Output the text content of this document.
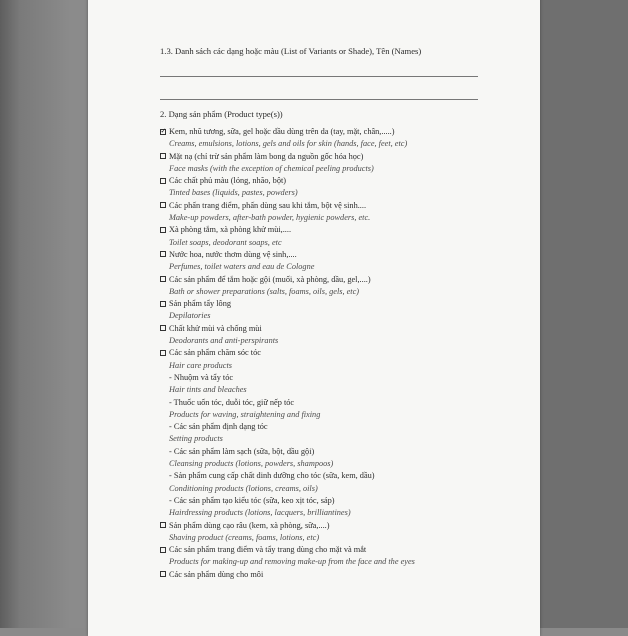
1.3. Danh sách các dạng hoặc màu (List of Variants or Shade), Tên (Names)
2. Dạng sản phẩm (Product type(s))
✓Kem, nhũ tương, sữa, gel hoặc dầu dùng trên da (tay, mặt, chân,.....)
Creams, emulsions, lotions, gels and oils for skin (hands, face, feet, etc)
Mặt nạ (chỉ trừ sản phẩm làm bong da nguồn gốc hóa học)
Face masks (with the exception of chemical peeling products)
Các chất phủ màu (lỏng, nhão, bột)
Tinted bases (liquids, pastes, powders)
Các phấn trang điểm, phấn dùng sau khi tắm, bột vệ sinh....
Make-up powders, after-bath powder, hygienic powders, etc.
Xà phòng tắm, xà phòng khử mùi,....
Toilet soaps, deodorant soaps, etc
Nước hoa, nước thơm dùng vệ sinh,....
Perfumes, toilet waters and eau de Cologne
Các sản phẩm để tắm hoặc gội (muối, xà phòng, dầu, gel,....)
Bath or shower preparations (salts, foams, oils, gels, etc)
Sản phẩm tẩy lông
Depilatories
Chất khử mùi và chống mùi
Deodorants and anti-perspirants
Các sản phẩm chăm sóc tóc
Hair care products
- Nhuộm và tẩy tóc
Hair tints and bleaches
- Thuốc uốn tóc, duỗi tóc, giữ nếp tóc
Products for waving, straightening and fixing
- Các sản phẩm định dạng tóc
Setting products
- Các sản phẩm làm sạch (sữa, bột, dầu gội)
Cleansing products (lotions, powders, shampoos)
- Sản phẩm cung cấp chất dinh dưỡng cho tóc (sữa, kem, dầu)
Conditioning products (lotions, creams, oils)
- Các sản phẩm tạo kiểu tóc (sữa, keo xịt tóc, sáp)
Hairdressing products (lotions, lacquers, brilliantines)
Sản phẩm dùng cạo râu (kem, xà phòng, sữa,....)
Shaving product (creams, foams, lotions, etc)
Các sản phẩm trang điểm và tẩy trang dùng cho mặt và mắt
Products for making-up and removing make-up from the face and the eyes
Các sản phẩm dùng cho môi
